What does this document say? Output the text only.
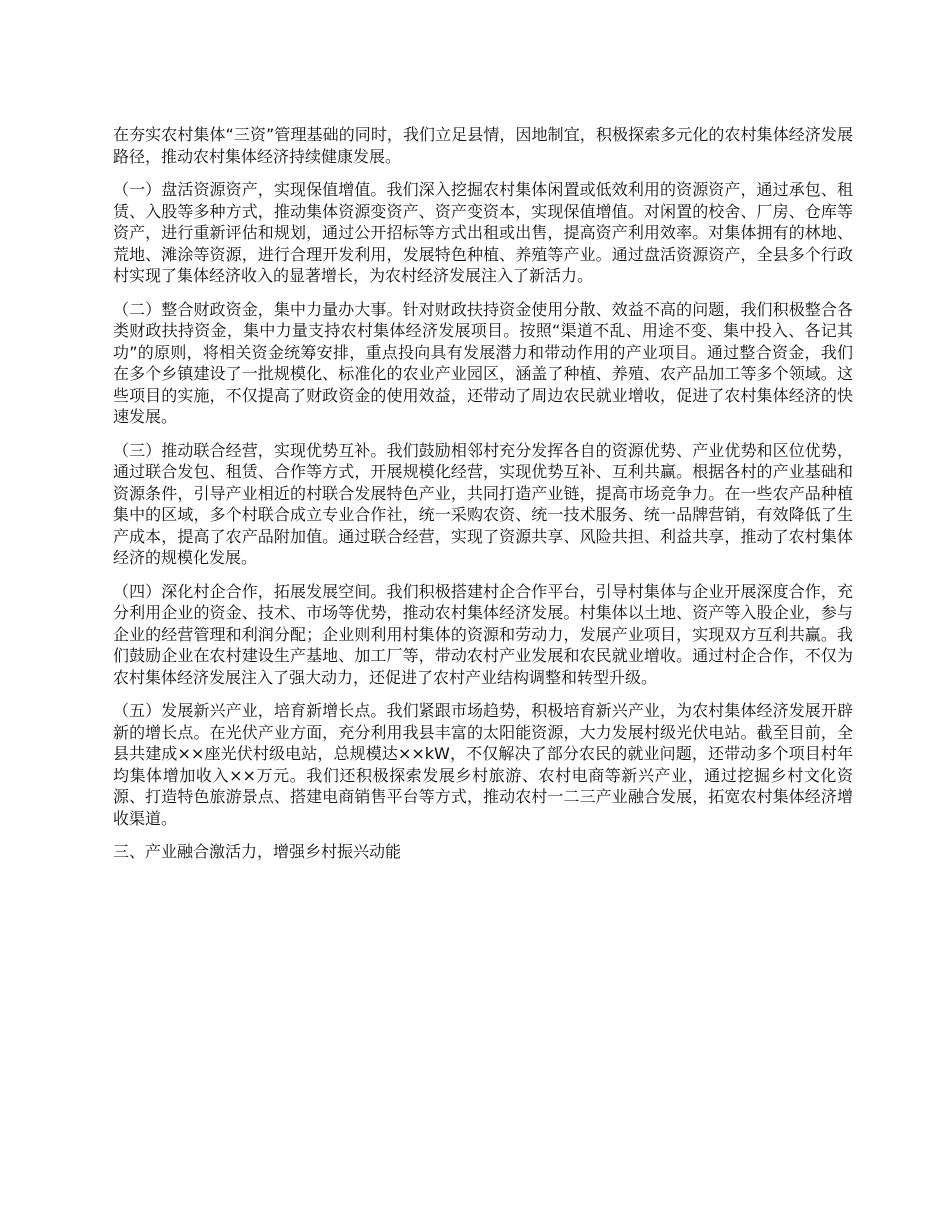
在夯实农村集体“三资”管理基础的同时，我们立足县情，因地制宜，积极探索多元化的农村集体经济发展路径，推动农村集体经济持续健康发展。

（一）盘活资源资产，实现保值增值。我们深入挖掘农村集体闲置或低效利用的资源资产，通过承包、租赁、入股等多种方式，推动集体资源变资产、资产变资本，实现保值增值。对闲置的校舍、厂房、仓库等资产，进行重新评估和规划，通过公开招标等方式出租或出售，提高资产利用效率。对集体拥有的林地、荒地、滩涂等资源，进行合理开发利用，发展特色种植、养殖等产业。通过盘活资源资产，全县多个行政村实现了集体经济收入的显著增长，为农村经济发展注入了新活力。

（二）整合财政资金，集中力量办大事。针对财政扶持资金使用分散、效益不高的问题，我们积极整合各类财政扶持资金，集中力量支持农村集体经济发展项目。按照“渠道不乱、用途不变、集中投入、各记其功”的原则，将相关资金统筹安排，重点投向具有发展潜力和带动作用的产业项目。通过整合资金，我们在多个乡镇建设了一批规模化、标准化的农业产业园区，涵盖了种植、养殖、农产品加工等多个领域。这些项目的实施，不仅提高了财政资金的使用效益，还带动了周边农民就业增收，促进了农村集体经济的快速发展。

（三）推动联合经营，实现优势互补。我们鼓励相邻村充分发挥各自的资源优势、产业优势和区位优势，通过联合发包、租赁、合作等方式，开展规模化经营，实现优势互补、互利共赢。根据各村的产业基础和资源条件，引导产业相近的村联合发展特色产业，共同打造产业链，提高市场竞争力。在一些农产品种植集中的区域，多个村联合成立专业合作社，统一采购农资、统一技术服务、统一品牌营销，有效降低了生产成本，提高了农产品附加值。通过联合经营，实现了资源共享、风险共担、利益共享，推动了农村集体经济的规模化发展。

（四）深化村企合作，拓展发展空间。我们积极搭建村企合作平台，引导村集体与企业开展深度合作，充分利用企业的资金、技术、市场等优势，推动农村集体经济发展。村集体以土地、资产等入股企业，参与企业的经营管理和利润分配；企业则利用村集体的资源和劳动力，发展产业项目，实现双方互利共赢。我们鼓励企业在农村建设生产基地、加工厂等，带动农村产业发展和农民就业增收。通过村企合作，不仅为农村集体经济发展注入了强大动力，还促进了农村产业结构调整和转型升级。

（五）发展新兴产业，培育新增长点。我们紧跟市场趋势，积极培育新兴产业，为农村集体经济发展开辟新的增长点。在光伏产业方面，充分利用我县丰富的太阳能资源，大力发展村级光伏电站。截至目前，全县共建成××座光伏村级电站，总规模达××kW，不仅解决了部分农民的就业问题，还带动多个项目村年均集体增加收入××万元。我们还积极探索发展乡村旅游、农村电商等新兴产业，通过挖掘乡村文化资源、打造特色旅游景点、搭建电商销售平台等方式，推动农村一二三产业融合发展，拓宽农村集体经济增收渠道。

三、产业融合激活力，增强乡村振兴动能
